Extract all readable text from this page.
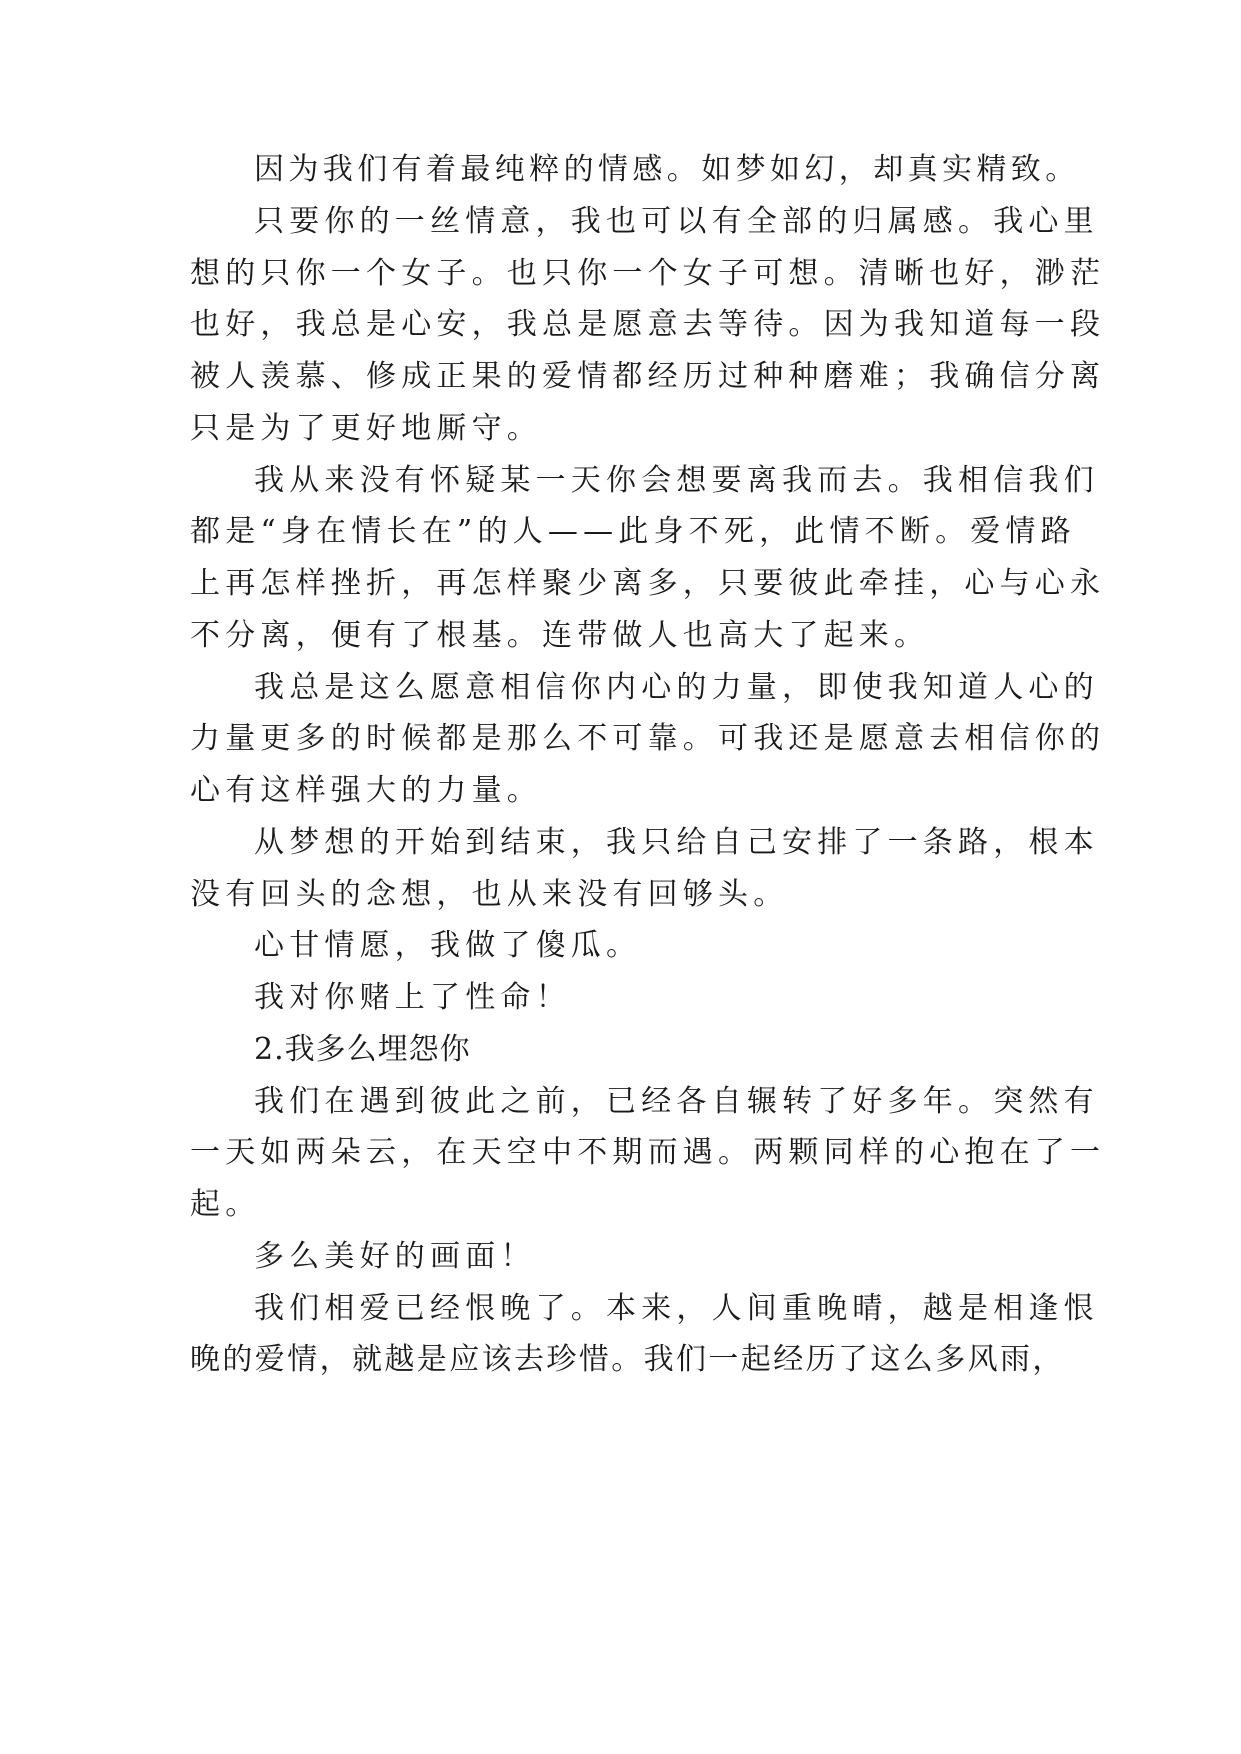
因为我们有着最纯粹的情感。如梦如幻，却真实精致。

只要你的一丝情意，我也可以有全部的归属感。我心里

想的只你一个女子。也只你一个女子可想。清晰也好，渺茫

也好，我总是心安，我总是愿意去等待。因为我知道每一段

被人羡慕、修成正果的爱情都经历过种种磨难；我确信分离

只是为了更好地厮守。

我从来没有怀疑某一天你会想要离我而去。我相信我们

都是“身在情长在”的人——此身不死，此情不断。爱情路

上再怎样挫折，再怎样聚少离多，只要彼此牵挂，心与心永

不分离，便有了根基。连带做人也高大了起来。

我总是这么愿意相信你内心的力量，即使我知道人心的

力量更多的时候都是那么不可靠。可我还是愿意去相信你的

心有这样强大的力量。

从梦想的开始到结束，我只给自己安排了一条路，根本

没有回头的念想，也从来没有回够头。

心甘情愿，我做了傻瓜。

我对你赌上了性命！

2.我多么埋怨你

我们在遇到彼此之前，已经各自辗转了好多年。突然有

一天如两朵云，在天空中不期而遇。两颗同样的心抱在了一

起。

多么美好的画面！

我们相爱已经恨晚了。本来，人间重晚晴，越是相逢恨

晚的爱情，就越是应该去珍惜。我们一起经历了这么多风雨，
